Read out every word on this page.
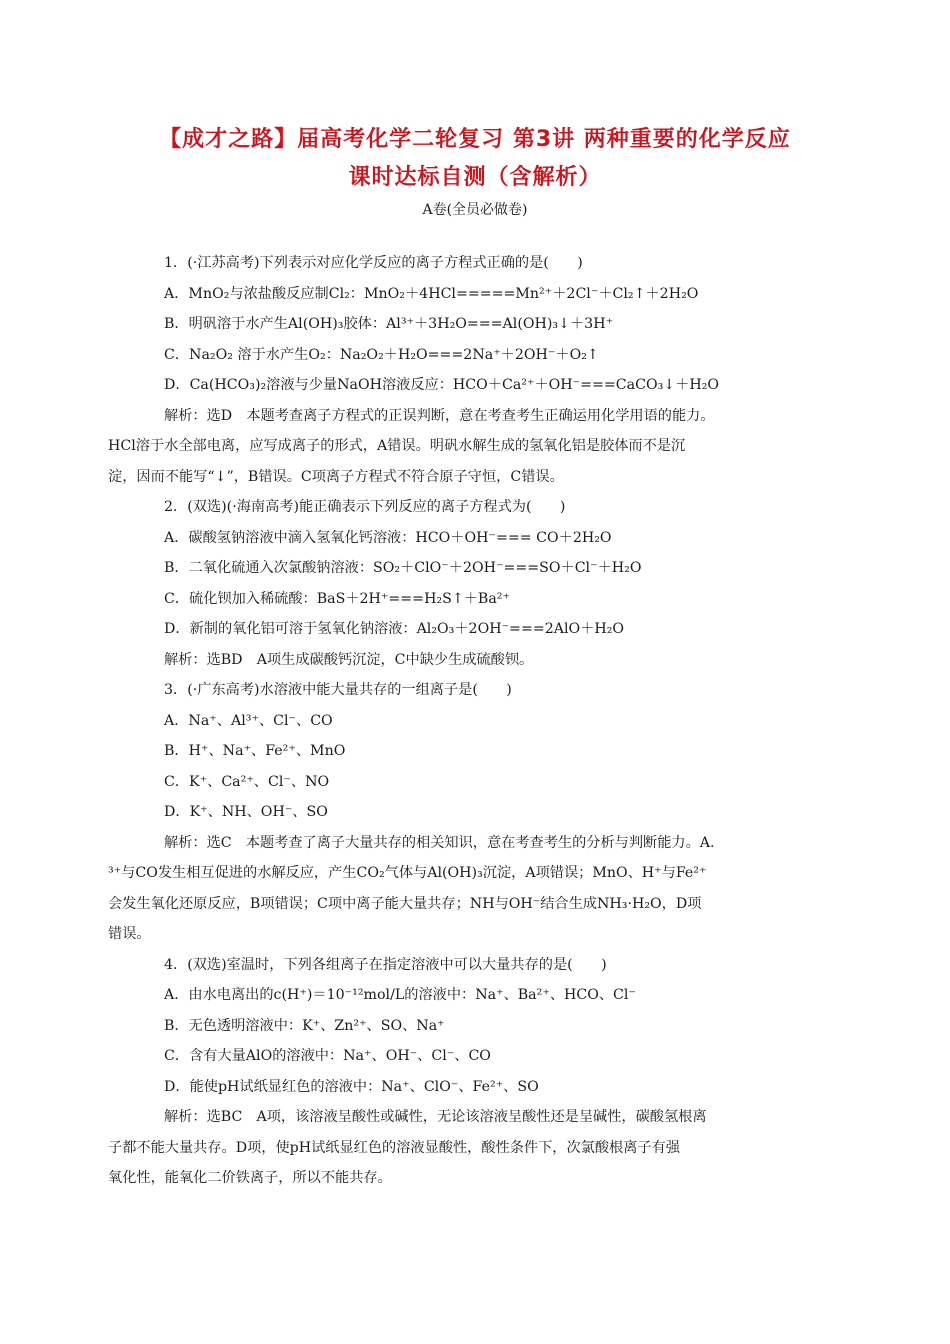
【成才之路】届高考化学二轮复习 第3讲 两种重要的化学反应
课时达标自测（含解析）
A卷(全员必做卷)
1．(·江苏高考)下列表示对应化学反应的离子方程式正确的是(　　)
A．MnO₂与浓盐酸反应制Cl₂：MnO₂＋4HCl=====Mn²⁺＋2Cl⁻＋Cl₂↑＋2H₂O
B．明矾溶于水产生Al(OH)₃胶体：Al³⁺＋3H₂O===Al(OH)₃↓＋3H⁺
C．Na₂O₂ 溶于水产生O₂：Na₂O₂＋H₂O===2Na⁺＋2OH⁻＋O₂↑
D．Ca(HCO₃)₂溶液与少量NaOH溶液反应：HCO＋Ca²⁺＋OH⁻===CaCO₃↓＋H₂O
解析：选D　本题考查离子方程式的正误判断，意在考查考生正确运用化学用语的能力。
HCl溶于水全部电离，应写成离子的形式，A错误。明矾水解生成的氢氧化铝是胶体而不是沉
淀，因而不能写“↓”，B错误。C项离子方程式不符合原子守恒，C错误。
2．(双选)(·海南高考)能正确表示下列反应的离子方程式为(　　)
A．碳酸氢钠溶液中滴入氢氧化钙溶液：HCO＋OH⁻=== CO＋2H₂O
B．二氧化硫通入次氯酸钠溶液：SO₂＋ClO⁻＋2OH⁻===SO＋Cl⁻＋H₂O
C．硫化钡加入稀硫酸：BaS＋2H⁺===H₂S↑＋Ba²⁺
D．新制的氧化铝可溶于氢氧化钠溶液：Al₂O₃＋2OH⁻===2AlO＋H₂O
解析：选BD　A项生成碳酸钙沉淀，C中缺少生成硫酸钡。
3．(·广东高考)水溶液中能大量共存的一组离子是(　　)
A．Na⁺、Al³⁺、Cl⁻、CO
B．H⁺、Na⁺、Fe²⁺、MnO
C．K⁺、Ca²⁺、Cl⁻、NO
D．K⁺、NH、OH⁻、SO
解析：选C　本题考查了离子大量共存的相关知识，意在考查考生的分析与判断能力。A.
³⁺与CO发生相互促进的水解反应，产生CO₂气体与Al(OH)₃沉淀，A项错误；MnO、H⁺与Fe²⁺
会发生氧化还原反应，B项错误；C项中离子能大量共存；NH与OH⁻结合生成NH₃·H₂O，D项
错误。
4．(双选)室温时，下列各组离子在指定溶液中可以大量共存的是(　　)
A．由水电离出的c(H⁺)＝10⁻¹²mol/L的溶液中：Na⁺、Ba²⁺、HCO、Cl⁻
B．无色透明溶液中：K⁺、Zn²⁺、SO、Na⁺
C．含有大量AlO的溶液中：Na⁺、OH⁻、Cl⁻、CO
D．能使pH试纸显红色的溶液中：Na⁺、ClO⁻、Fe²⁺、SO
解析：选BC　A项，该溶液呈酸性或碱性，无论该溶液呈酸性还是呈碱性，碳酸氢根离
子都不能大量共存。D项，使pH试纸显红色的溶液显酸性，酸性条件下，次氯酸根离子有强
氧化性，能氧化二价铁离子，所以不能共存。
